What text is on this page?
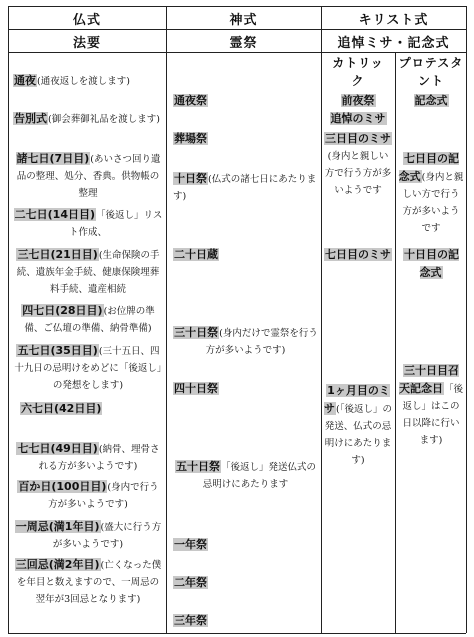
仏式
法要
神式
霊祭
キリスト式
追悼ミサ・記念式
カトリック
プロテスタント
通夜(通夜返しを渡します)
告別式(御会葬御礼品を渡します)
諸七日(7日目)(あいさつ回り遺品の整理、処分、香典。供物帳の整理
二七日(14日目)「後返し」リスト作成、
三七日(21日目)(生命保険の手続、遺族年金手続、健康保険埋葬料手続、遺産相続
四七日(28日目)(お位牌の準備、ご仏壇の準備、納骨準備)
五七日(35日目)(三十五日、四十九日の忌明けをめどに「後返し」の発想をします)
六七日(42日目)
七七日(49日目)(納骨、埋骨される方が多いようです)
百か日(100日目)(身内で行う方が多いようです)
一周忌(満1年目)(盛大に行う方が多いようです)
三回忌(満2年目)(亡くなった僕を年目と数えますので、一周忌の翌年が3回忌となります)
通夜祭
葬場祭
十日祭(仏式の諸七日にあたります)
二十日蔵
三十日祭(身内だけで霊祭を行う方が多いようです)
四十日祭
五十日祭「後返し」発送仏式の忌明けにあたります
一年祭
二年祭
三年祭
前夜祭
追悼のミサ
三日目のミサ(身内と親しい方で行う方が多いようです
七日目のミサ
1ヶ月目のミサ(「後返し」の発送、仏式の忌明けにあたります)
記念式
七日目の記念式(身内と親しい方で行う方が多いようです
十日目の記念式
三十日目召天記念日「後返し」はこの日以降に行います)
